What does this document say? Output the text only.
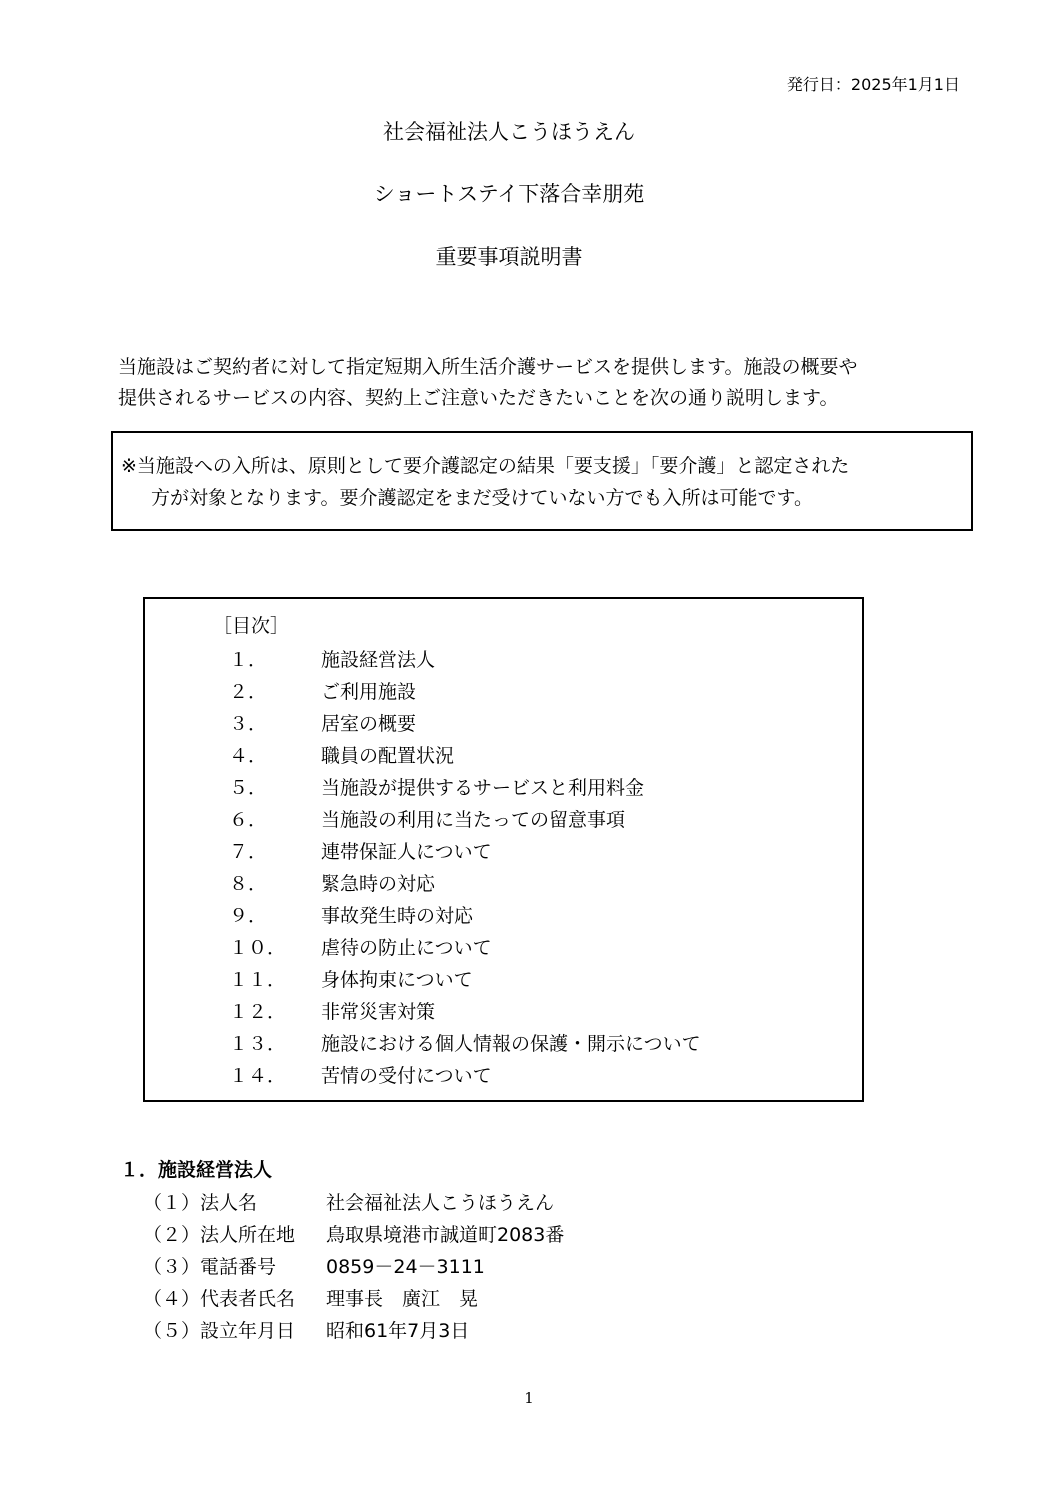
発行日：2025年1月1日
社会福祉法人こうほうえん
ショートステイ下落合幸朋苑
重要事項説明書
当施設はご契約者に対して指定短期入所生活介護サービスを提供します。施設の概要や
提供されるサービスの内容、契約上ご注意いただきたいことを次の通り説明します。
※当施設への入所は、原則として要介護認定の結果「要支援」「要介護」と認定された
方が対象となります。要介護認定をまだ受けていない方でも入所は可能です。
［目次］
１．	施設経営法人
２．	ご利用施設
３．	居室の概要
４．	職員の配置状況
５．	当施設が提供するサービスと利用料金
６．	当施設の利用に当たっての留意事項
７．	連帯保証人について
８．	緊急時の対応
９．	事故発生時の対応
１０． 虐待の防止について
１１． 身体拘束について
１２． 非常災害対策
１３． 施設における個人情報の保護・開示について
１４． 苦情の受付について
１．施設経営法人
（１）法人名	社会福祉法人こうほうえん
（２）法人所在地 鳥取県境港市誠道町2083番
（３）電話番号	0859－24－3111
（４）代表者氏名 理事長　廣江　晃
（５）設立年月日 昭和61年7月3日
1
